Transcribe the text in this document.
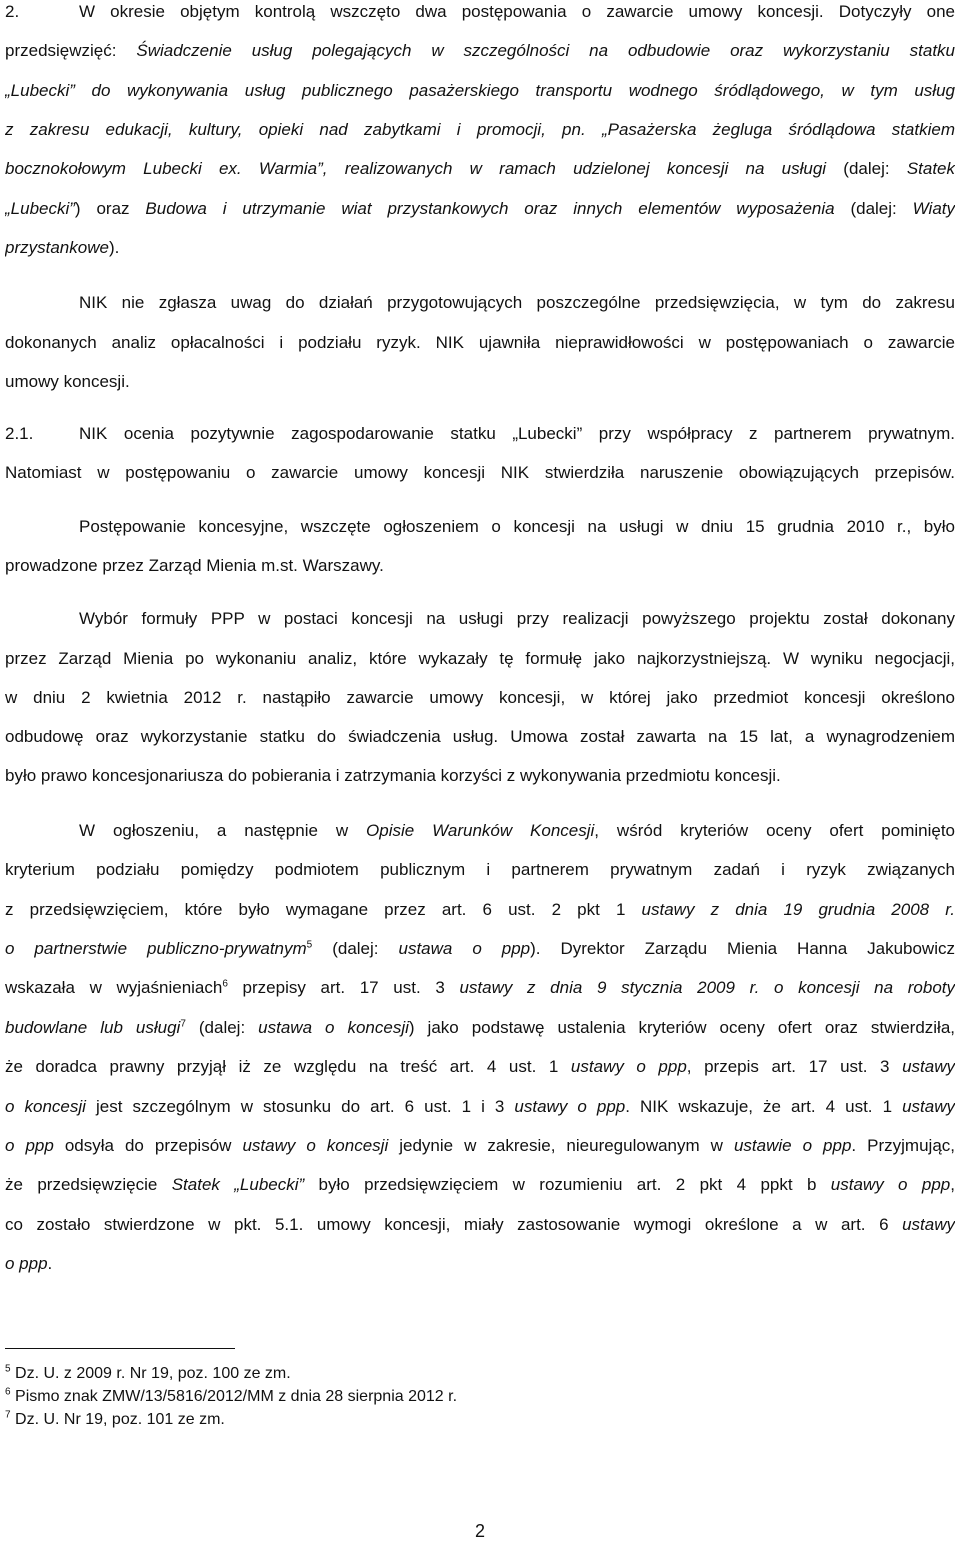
2.	W okresie objętym kontrolą wszczęto dwa postępowania o zawarcie umowy koncesji. Dotyczyły one
przedsięwzięć: Świadczenie usług polegających w szczególności na odbudowie oraz wykorzystaniu statku
„Lubecki” do wykonywania usług publicznego pasażerskiego transportu wodnego śródlądowego, w tym usług
z zakresu edukacji, kultury, opieki nad zabytkami i promocji, pn. „Pasażerska żegluga śródlądowa statkiem
bocznokołowym Lubecki ex. Warmia”, realizowanych w ramach udzielonej koncesji na usługi (dalej: Statek
„Lubecki”) oraz Budowa i utrzymanie wiat przystankowych oraz innych elementów wyposażenia (dalej: Wiaty
przystankowe).
NIK nie zgłasza uwag do działań przygotowujących poszczególne przedsięwzięcia, w tym do zakresu
dokonanych analiz opłacalności i podziału ryzyk. NIK ujawniła nieprawidłowości w postępowaniach o zawarcie
umowy koncesji.
2.1.	NIK ocenia pozytywnie zagospodarowanie statku „Lubecki” przy współpracy z partnerem prywatnym.
Natomiast w postępowaniu o zawarcie umowy koncesji NIK stwierdziła naruszenie obowiązujących przepisów.
Postępowanie koncesyjne, wszczęte ogłoszeniem o koncesji na usługi w dniu 15 grudnia 2010 r., było
prowadzone przez Zarząd Mienia m.st. Warszawy.
Wybór formuły PPP w postaci koncesji na usługi przy realizacji powyższego projektu został dokonany
przez Zarząd Mienia po wykonaniu analiz, które wykazały tę formułę jako najkorzystniejszą. W wyniku negocjacji,
w dniu 2 kwietnia 2012 r. nastąpiło zawarcie umowy koncesji, w której jako przedmiot koncesji określono
odbudowę oraz wykorzystanie statku do świadczenia usług. Umowa został zawarta na 15 lat, a wynagrodzeniem
było prawo koncesjonariusza do pobierania i zatrzymania korzyści z wykonywania przedmiotu koncesji.
W ogłoszeniu, a następnie w Opisie Warunków Koncesji, wśród kryteriów oceny ofert pominięto
kryterium podziału pomiędzy podmiotem publicznym i partnerem prywatnym zadań i ryzyk związanych
z przedsięwzięciem, które było wymagane przez art. 6 ust. 2 pkt 1 ustawy z dnia 19 grudnia 2008 r.
o partnerstwie publiczno-prywatnym$^5$ (dalej: ustawa o ppp). Dyrektor Zarządu Mienia Hanna Jakubowicz
wskazała w wyjaśnieniach$^6$ przepisy art. 17 ust. 3 ustawy z dnia 9 stycznia 2009 r. o koncesji na roboty
budowlane lub usługi$^7$ (dalej: ustawa o koncesji) jako podstawę ustalenia kryteriów oceny ofert oraz stwierdziła,
że doradca prawny przyjął iż ze względu na treść art. 4 ust. 1 ustawy o ppp, przepis art. 17 ust. 3 ustawy
o koncesji jest szczególnym w stosunku do art. 6 ust. 1 i 3 ustawy o ppp. NIK wskazuje, że art. 4 ust. 1 ustawy
o ppp odsyła do przepisów ustawy o koncesji jedynie w zakresie, nieuregulowanym w ustawie o ppp. Przyjmując,
że przedsięwzięcie Statek „Lubecki” było przedsięwzięciem w rozumieniu art. 2 pkt 4 ppkt b ustawy o ppp,
co zostało stwierdzone w pkt. 5.1. umowy koncesji, miały zastosowanie wymogi określone a w art. 6 ustawy
o ppp.
$^5$ Dz. U. z 2009 r. Nr 19, poz. 100 ze zm.
$^6$ Pismo znak ZMW/13/5816/2012/MM z dnia 28 sierpnia 2012 r.
$^7$ Dz. U. Nr 19, poz. 101 ze zm.
2
